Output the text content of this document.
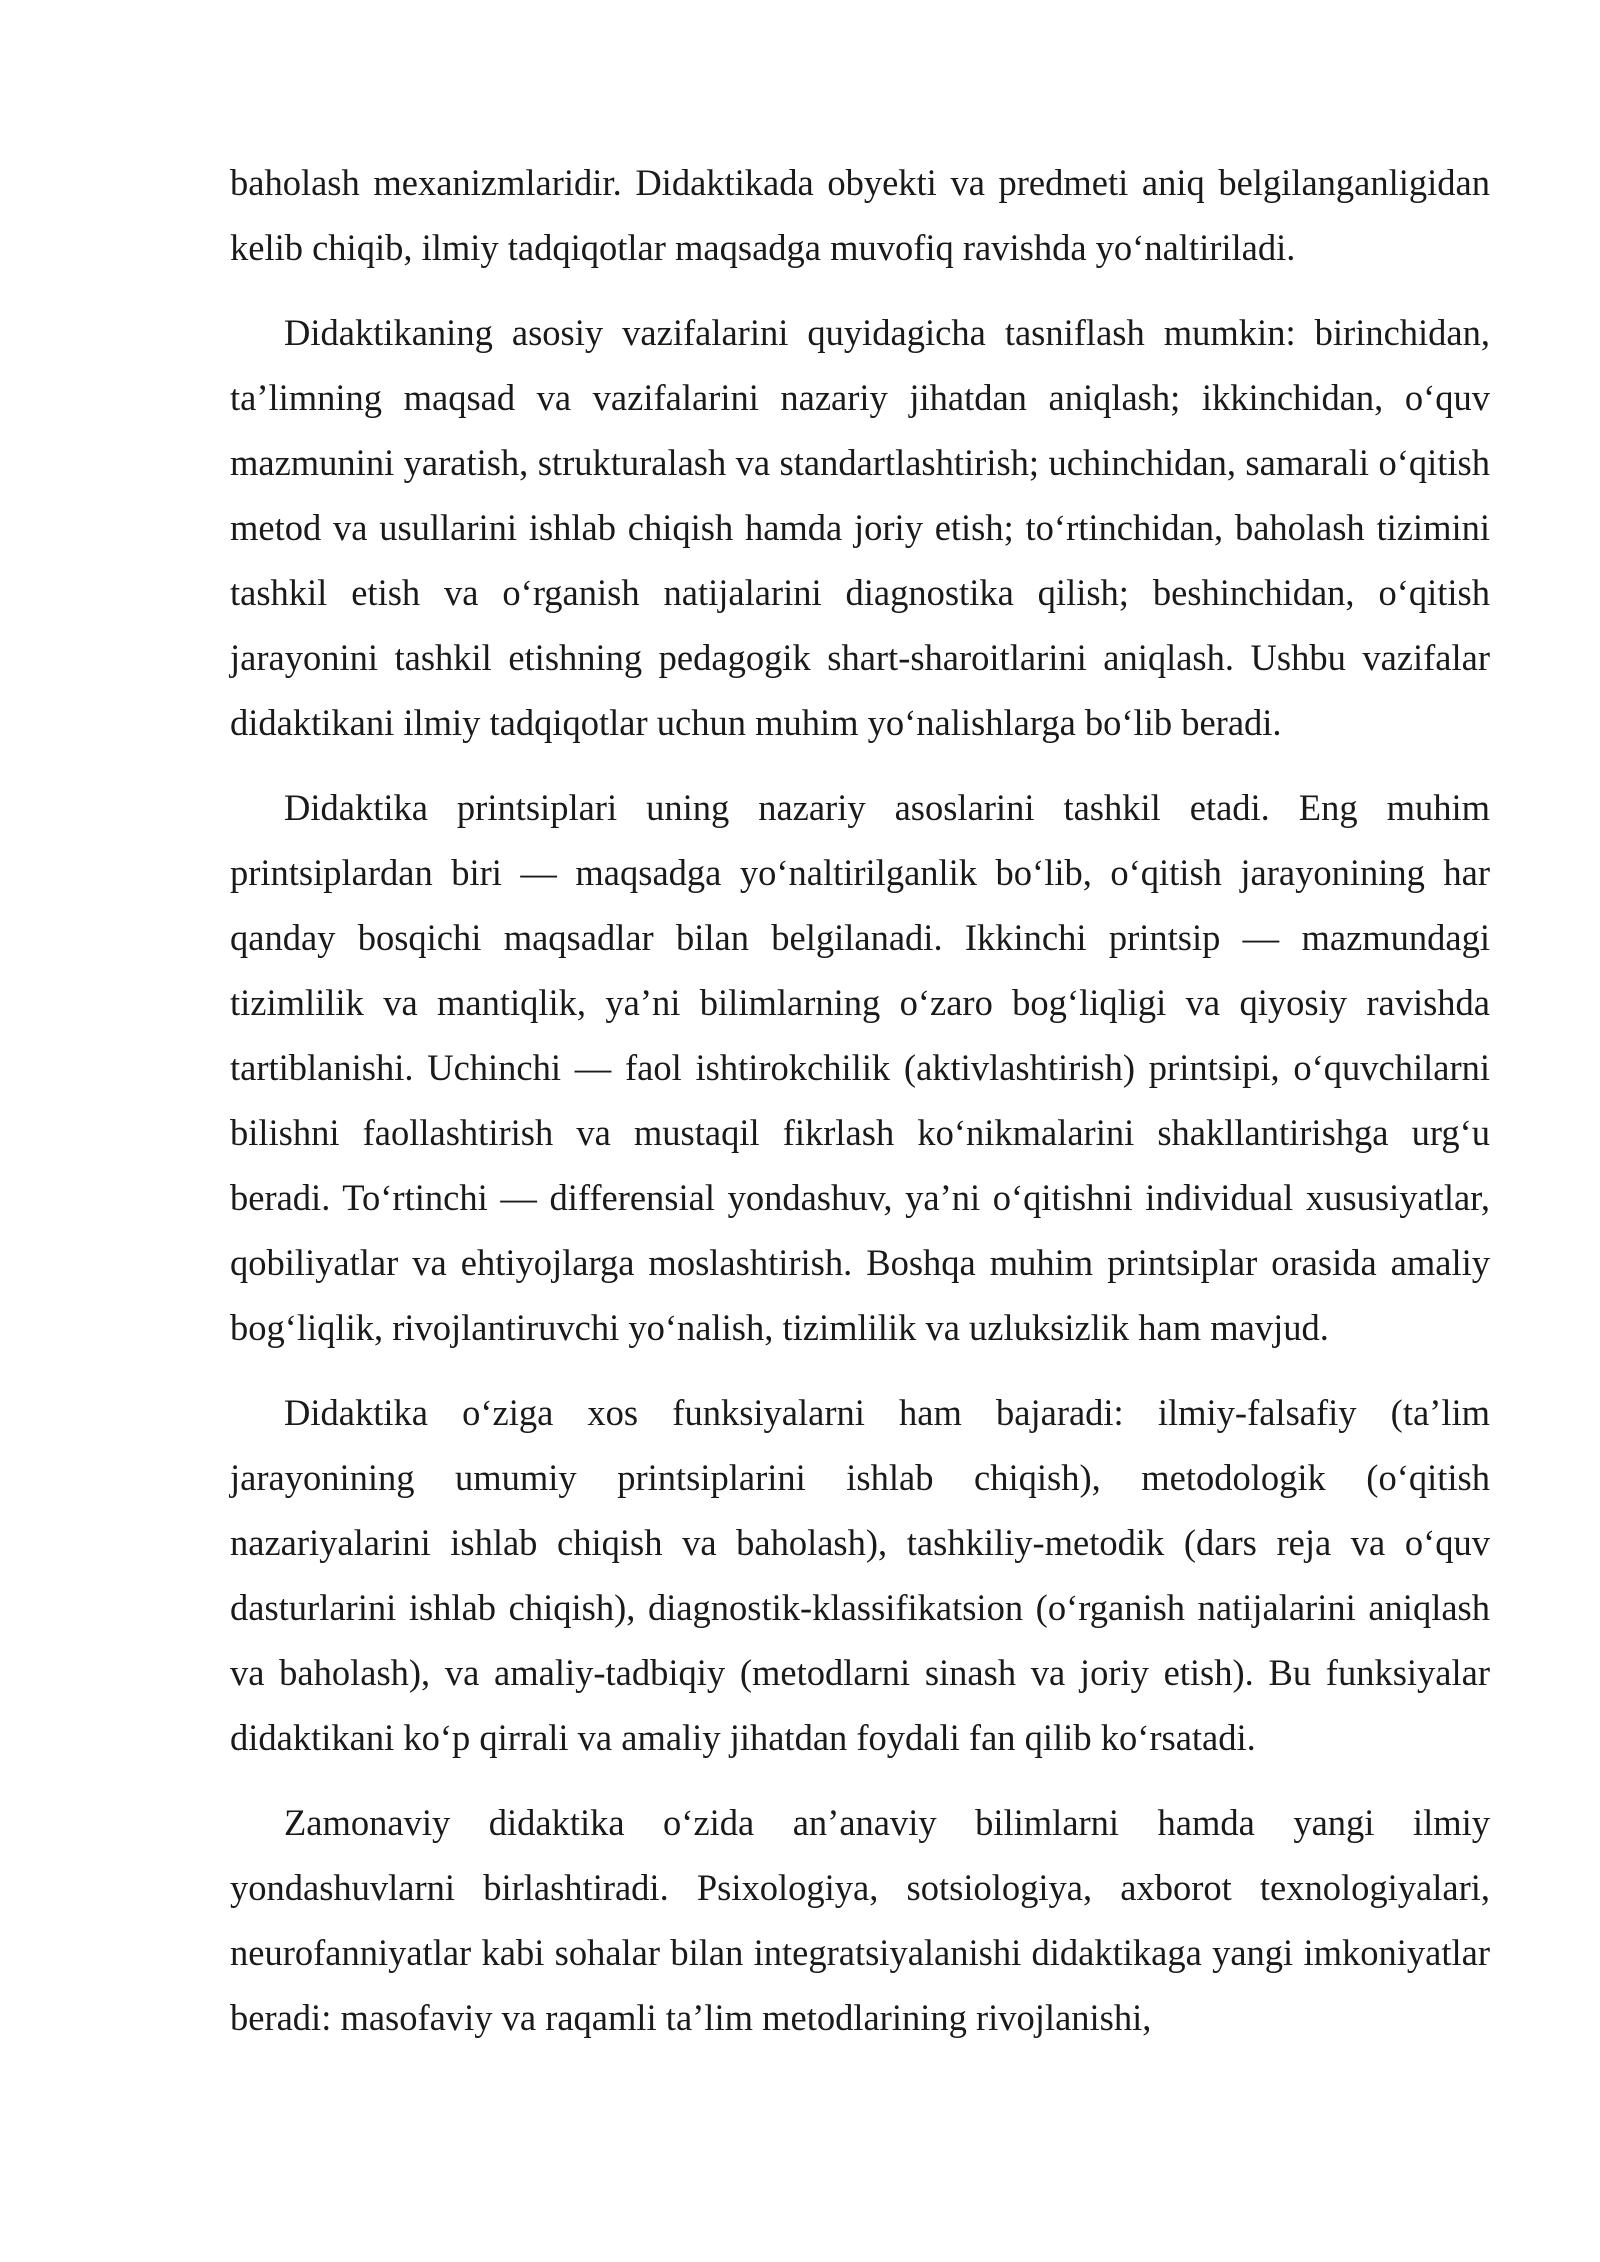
baholash mexanizmlaridir. Didaktikada obyekti va predmeti aniq belgilanganligidan kelib chiqib, ilmiy tadqiqotlar maqsadga muvofiq ravishda yo‘naltiriladi.

Didaktikaning asosiy vazifalarini quyidagicha tasniflash mumkin: birinchidan, ta’limning maqsad va vazifalarini nazariy jihatdan aniqlash; ikkinchidan, o‘quv mazmunini yaratish, strukturalash va standartlashtirish; uchinchidan, samarali o‘qitish metod va usullarini ishlab chiqish hamda joriy etish; to‘rtinchidan, baholash tizimini tashkil etish va o‘rganish natijalarini diagnostika qilish; beshinchidan, o‘qitish jarayonini tashkil etishning pedagogik shart-sharoitlarini aniqlash. Ushbu vazifalar didaktikani ilmiy tadqiqotlar uchun muhim yo‘nalishlarga bo‘lib beradi.

Didaktika printsiplari uning nazariy asoslarini tashkil etadi. Eng muhim printsiplardan biri — maqsadga yo‘naltirilganlik bo‘lib, o‘qitish jarayonining har qanday bosqichi maqsadlar bilan belgilanadi. Ikkinchi printsip — mazmundagi tizimlilik va mantiqlik, ya’ni bilimlarning o‘zaro bog‘liqligi va qiyosiy ravishda tartiblanishi. Uchinchi — faol ishtirokchilik (aktivlashtirish) printsipi, o‘quvchilarni bilishni faollashtirish va mustaqil fikrlash ko‘nikmalarini shakllantirishga urg‘u beradi. To‘rtinchi — differensial yondashuv, ya’ni o‘qitishni individual xususiyatlar, qobiliyatlar va ehtiyojlarga moslashtirish. Boshqa muhim printsiplar orasida amaliy bog‘liqlik, rivojlantiruvchi yo‘nalish, tizimlilik va uzluksizlik ham mavjud.

Didaktika o‘ziga xos funksiyalarni ham bajaradi: ilmiy-falsafiy (ta’lim jarayonining umumiy printsiplarini ishlab chiqish), metodologik (o‘qitish nazariyalarini ishlab chiqish va baholash), tashkiliy-metodik (dars reja va o‘quv dasturlarini ishlab chiqish), diagnostik-klassifikatsion (o‘rganish natijalarini aniqlash va baholash), va amaliy-tadbiqiy (metodlarni sinash va joriy etish). Bu funksiyalar didaktikani ko‘p qirrali va amaliy jihatdan foydali fan qilib ko‘rsatadi.

Zamonaviy didaktika o‘zida an’anaviy bilimlarni hamda yangi ilmiy yondashuvlarni birlashtiradi. Psixologiya, sotsiologiya, axborot texnologiyalari, neurofanniyatlar kabi sohalar bilan integratsiyalanishi didaktikaga yangi imkoniyatlar beradi: masofaviy va raqamli ta’lim metodlarining rivojlanishi,
